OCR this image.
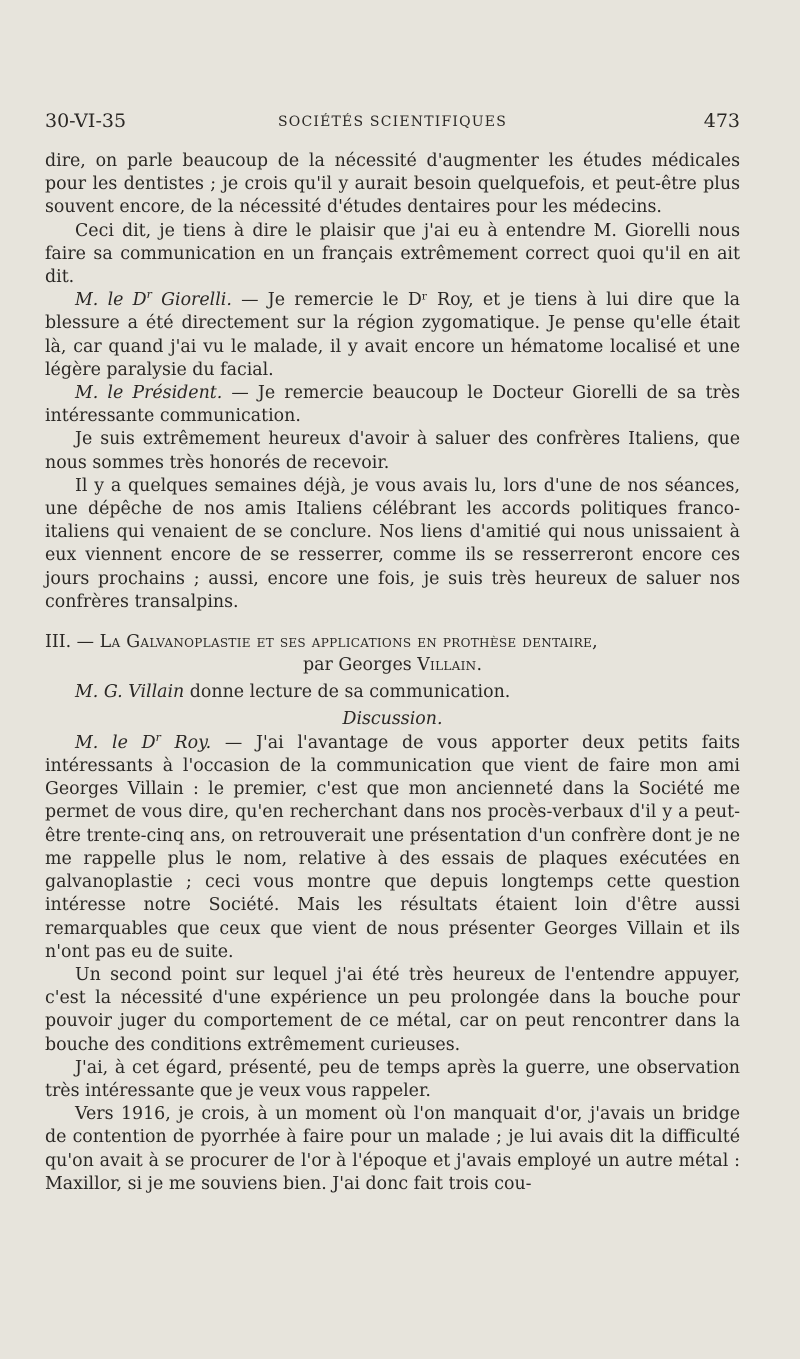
30-VI-35	SOCIÉTÉS SCIENTIFIQUES	473

dire, on parle beaucoup de la nécessité d'augmenter les études médicales pour les dentistes ; je crois qu'il y aurait besoin quelquefois, et peut-être plus souvent encore, de la nécessité d'études dentaires pour les médecins.

Ceci dit, je tiens à dire le plaisir que j'ai eu à entendre M. Giorelli nous faire sa communication en un français extrêmement correct quoi qu'il en ait dit.

M. le $D^r$ Giorelli. — Je remercie le Dʳ Roy, et je tiens à lui dire que la blessure a été directement sur la région zygomatique. Je pense qu'elle était là, car quand j'ai vu le malade, il y avait encore un hématome localisé et une légère paralysie du facial.

M. le Président. — Je remercie beaucoup le Docteur Giorelli de sa très intéressante communication.

Je suis extrêmement heureux d'avoir à saluer des confrères Italiens, que nous sommes très honorés de recevoir.

Il y a quelques semaines déjà, je vous avais lu, lors d'une de nos séances, une dépêche de nos amis Italiens célébrant les accords politiques franco-italiens qui venaient de se conclure. Nos liens d'amitié qui nous unissaient à eux viennent encore de se resserrer, comme ils se resserreront encore ces jours prochains ; aussi, encore une fois, je suis très heureux de saluer nos confrères transalpins.

III. — La Galvanoplastie et ses applications en prothèse dentaire,

par Georges Villain.

M. G. Villain donne lecture de sa communication.

Discussion.

M. le $D^r$ Roy. — J'ai l'avantage de vous apporter deux petits faits intéressants à l'occasion de la communication que vient de faire mon ami Georges Villain : le premier, c'est que mon ancienneté dans la Société me permet de vous dire, qu'en recherchant dans nos procès-verbaux d'il y a peut-être trente-cinq ans, on retrouverait une présentation d'un confrère dont je ne me rappelle plus le nom, relative à des essais de plaques exécutées en galvanoplastie ; ceci vous montre que depuis longtemps cette question intéresse notre Société. Mais les résultats étaient loin d'être aussi remarquables que ceux que vient de nous présenter Georges Villain et ils n'ont pas eu de suite.

Un second point sur lequel j'ai été très heureux de l'entendre appuyer, c'est la nécessité d'une expérience un peu prolongée dans la bouche pour pouvoir juger du comportement de ce métal, car on peut rencontrer dans la bouche des conditions extrêmement curieuses.

J'ai, à cet égard, présenté, peu de temps après la guerre, une observation très intéressante que je veux vous rappeler.

Vers 1916, je crois, à un moment où l'on manquait d'or, j'avais un bridge de contention de pyorrhée à faire pour un malade ; je lui avais dit la difficulté qu'on avait à se procurer de l'or à l'époque et j'avais employé un autre métal : Maxillor, si je me souviens bien. J'ai donc fait trois cou-
